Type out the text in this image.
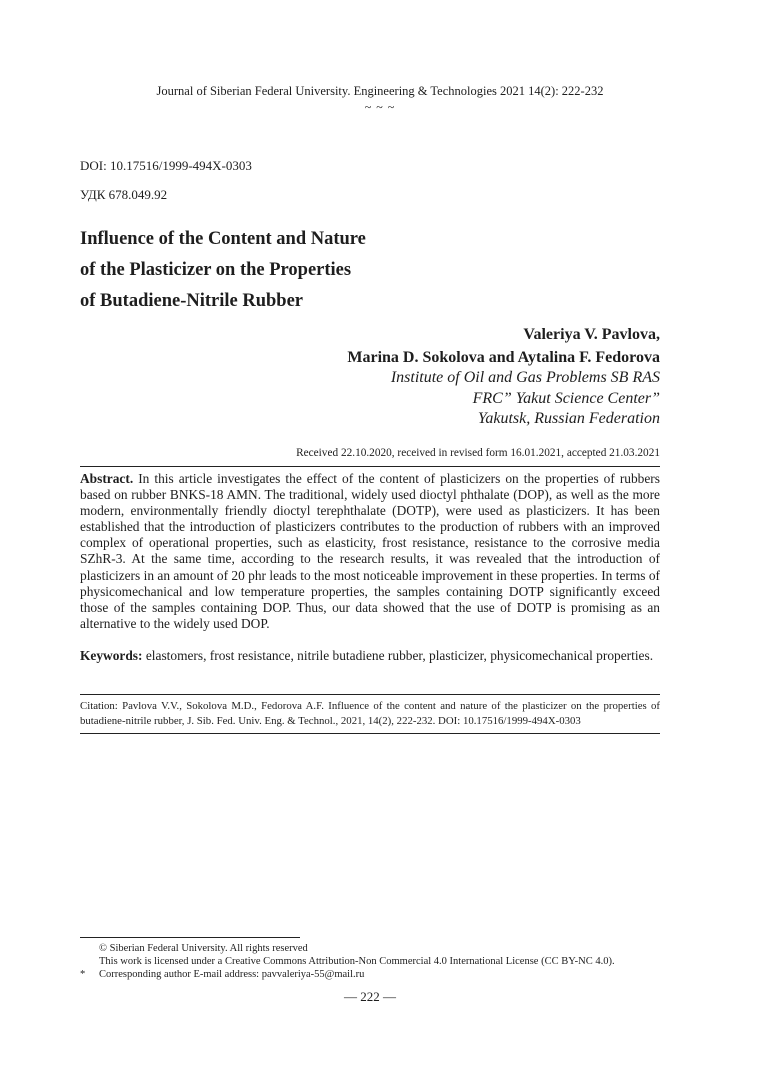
Journal of Siberian Federal University. Engineering & Technologies 2021 14(2): 222-232
~ ~ ~
DOI: 10.17516/1999-494X-0303
УДК 678.049.92
Influence of the Content and Nature
of the Plasticizer on the Properties
of Butadiene-Nitrile Rubber
Valeriya V. Pavlova,
Marina D. Sokolova and Aytalina F. Fedorova
Institute of Oil and Gas Problems SB RAS
FRC” Yakut Science Center”
Yakutsk, Russian Federation
Received 22.10.2020, received in revised form 16.01.2021, accepted 21.03.2021
Abstract. In this article investigates the effect of the content of plasticizers on the properties of rubbers based on rubber BNKS-18 AMN. The traditional, widely used dioctyl phthalate (DOP), as well as the more modern, environmentally friendly dioctyl terephthalate (DOTP), were used as plasticizers. It has been established that the introduction of plasticizers contributes to the production of rubbers with an improved complex of operational properties, such as elasticity, frost resistance, resistance to the corrosive media SZhR-3. At the same time, according to the research results, it was revealed that the introduction of plasticizers in an amount of 20 phr leads to the most noticeable improvement in these properties. In terms of physicomechanical and low temperature properties, the samples containing DOTP significantly exceed those of the samples containing DOP. Thus, our data showed that the use of DOTP is promising as an alternative to the widely used DOP.
Keywords: elastomers, frost resistance, nitrile butadiene rubber, plasticizer, physicomechanical properties.
Citation: Pavlova V.V., Sokolova M.D., Fedorova A.F. Influence of the content and nature of the plasticizer on the properties of butadiene-nitrile rubber, J. Sib. Fed. Univ. Eng. & Technol., 2021, 14(2), 222-232. DOI: 10.17516/1999-494X-0303
© Siberian Federal University. All rights reserved
This work is licensed under a Creative Commons Attribution-Non Commercial 4.0 International License (CC BY-NC 4.0).
* Corresponding author E-mail address: pavvaleriya-55@mail.ru
— 222 —
